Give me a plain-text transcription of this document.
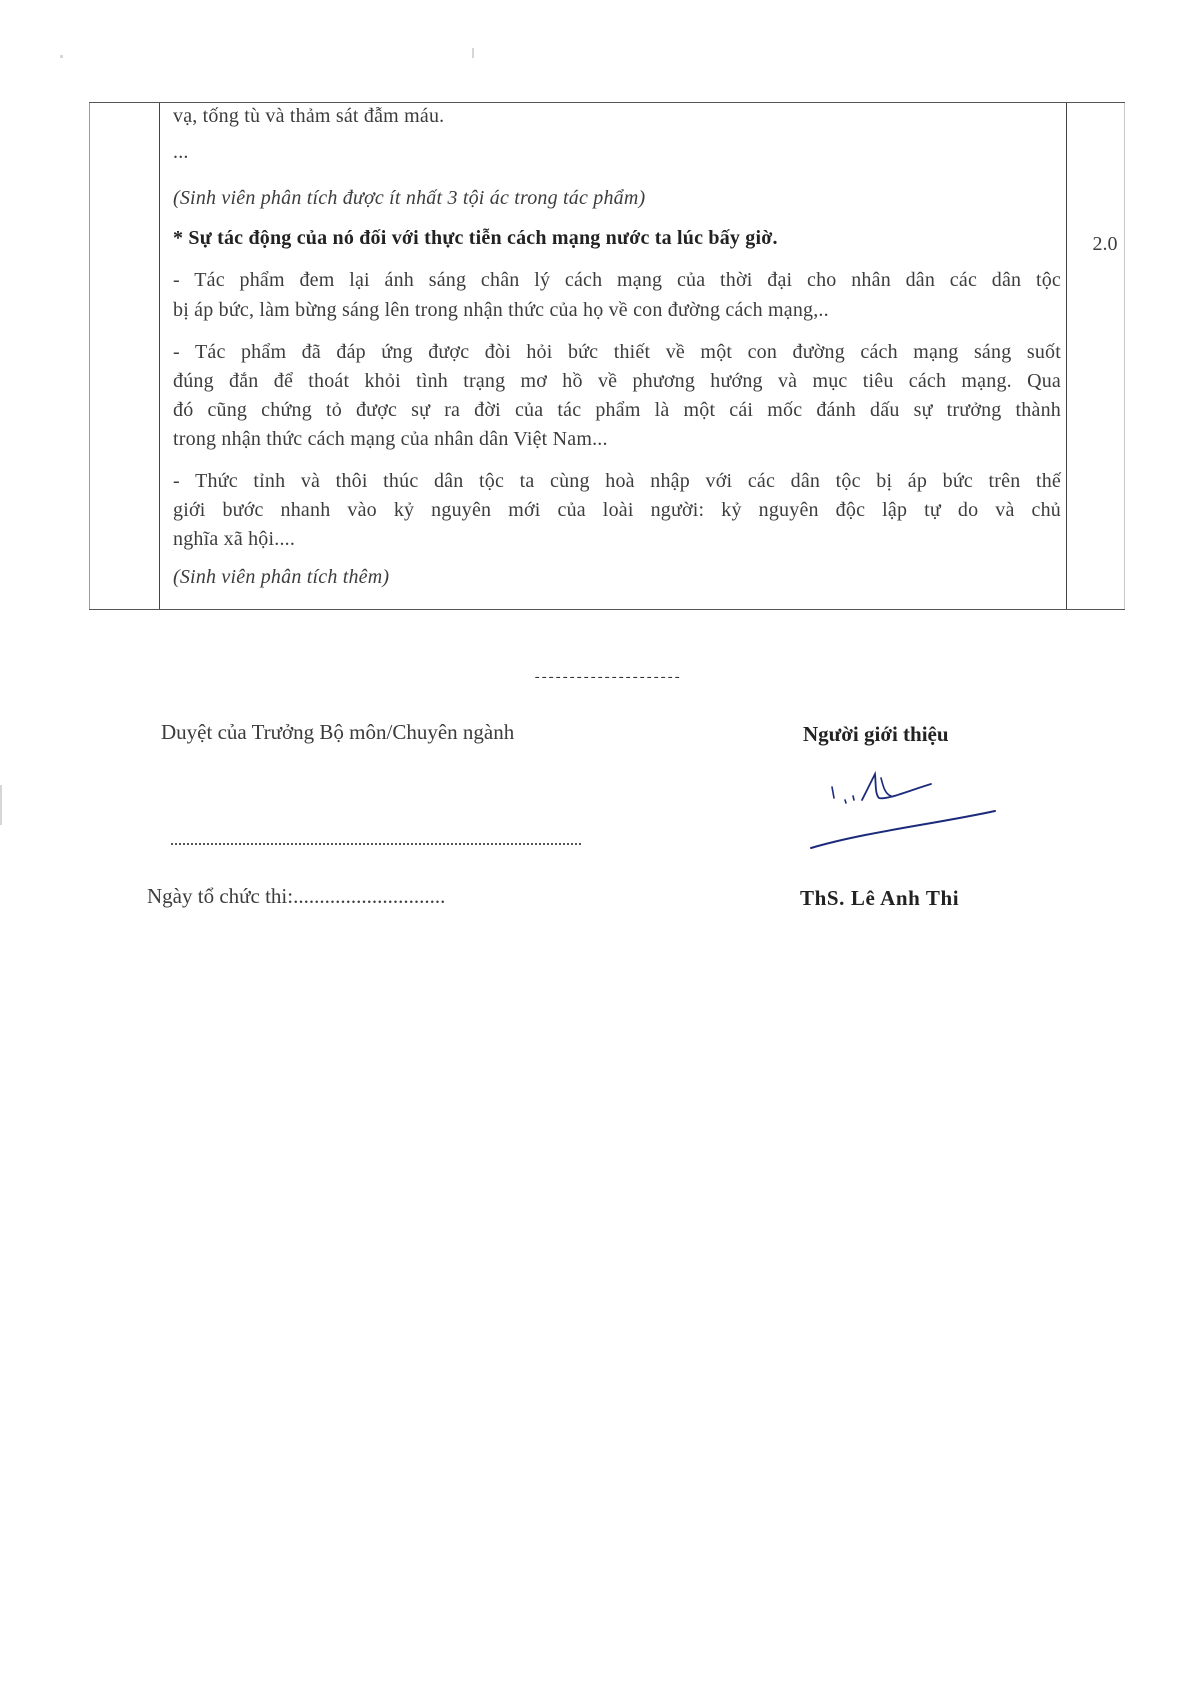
vạ, tống tù và thảm sát đẫm máu.
...
(Sinh viên phân tích được ít nhất 3 tội ác trong tác phẩm)
* Sự tác động của nó đối với thực tiễn cách mạng nước ta lúc bấy giờ.
- Tác phẩm đem lại ánh sáng chân lý cách mạng của thời đại cho nhân dân các dân tộc
bị áp bức, làm bừng sáng lên trong nhận thức của họ về con đường cách mạng,..
- Tác phẩm đã đáp ứng được đòi hỏi bức thiết về một con đường cách mạng sáng suốt
đúng đắn để thoát khỏi tình trạng mơ hồ về phương hướng và mục tiêu cách mạng. Qua
đó cũng chứng tỏ được sự ra đời của tác phẩm là một cái mốc đánh dấu sự trưởng thành
trong nhận thức cách mạng của nhân dân Việt Nam...
- Thức tỉnh và thôi thúc dân tộc ta cùng hoà nhập với các dân tộc bị áp bức trên thế
giới bước nhanh vào kỷ nguyên mới của loài người: kỷ nguyên độc lập tự do và chủ
nghĩa xã hội....
(Sinh viên phân tích thêm)
2.0
---------------------
Duyệt của Trưởng Bộ môn/Chuyên ngành
Ngày tổ chức thi:.............................
Người giới thiệu
ThS. Lê Anh Thi
